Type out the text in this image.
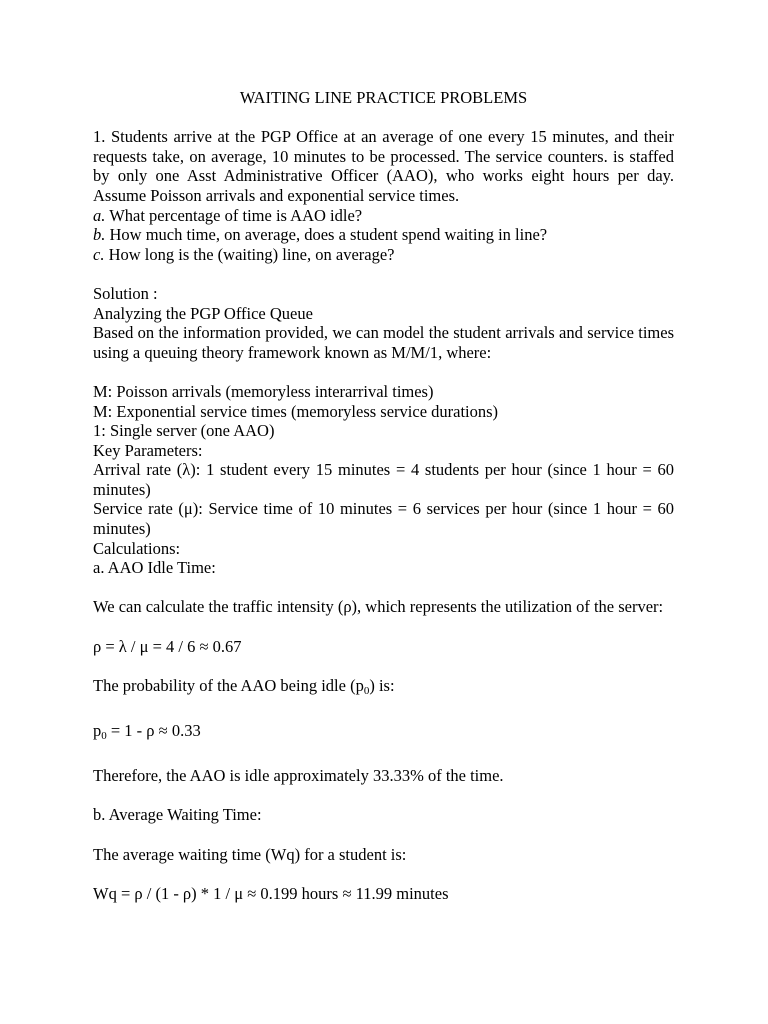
WAITING LINE PRACTICE PROBLEMS

1. Students arrive at the PGP Office at an average of one every 15 minutes, and their requests take, on average, 10 minutes to be processed. The service counters. is staffed by only one Asst Administrative Officer (AAO), who works eight hours per day. Assume Poisson arrivals and exponential service times.

a. What percentage of time is AAO idle?

b. How much time, on average, does a student spend waiting in line?

c. How long is the (waiting) line, on average?

Solution :

Analyzing the PGP Office Queue

Based on the information provided, we can model the student arrivals and service times using a queuing theory framework known as M/M/1, where:

M: Poisson arrivals (memoryless interarrival times)

M: Exponential service times (memoryless service durations)

1: Single server (one AAO)

Key Parameters:

Arrival rate (λ): 1 student every 15 minutes = 4 students per hour (since 1 hour = 60 minutes)

Service rate (μ): Service time of 10 minutes = 6 services per hour (since 1 hour = 60 minutes)

Calculations:

a. AAO Idle Time:

We can calculate the traffic intensity (ρ), which represents the utilization of the server:

ρ = λ / μ = 4 / 6 ≈ 0.67

The probability of the AAO being idle $(p_0)$ is:

$p_0 = 1 - \rho \approx 0.33$

Therefore, the AAO is idle approximately 33.33% of the time.

b. Average Waiting Time:

The average waiting time (Wq) for a student is:

Wq = ρ / (1 - ρ) * 1 / μ ≈ 0.199 hours ≈ 11.99 minutes
